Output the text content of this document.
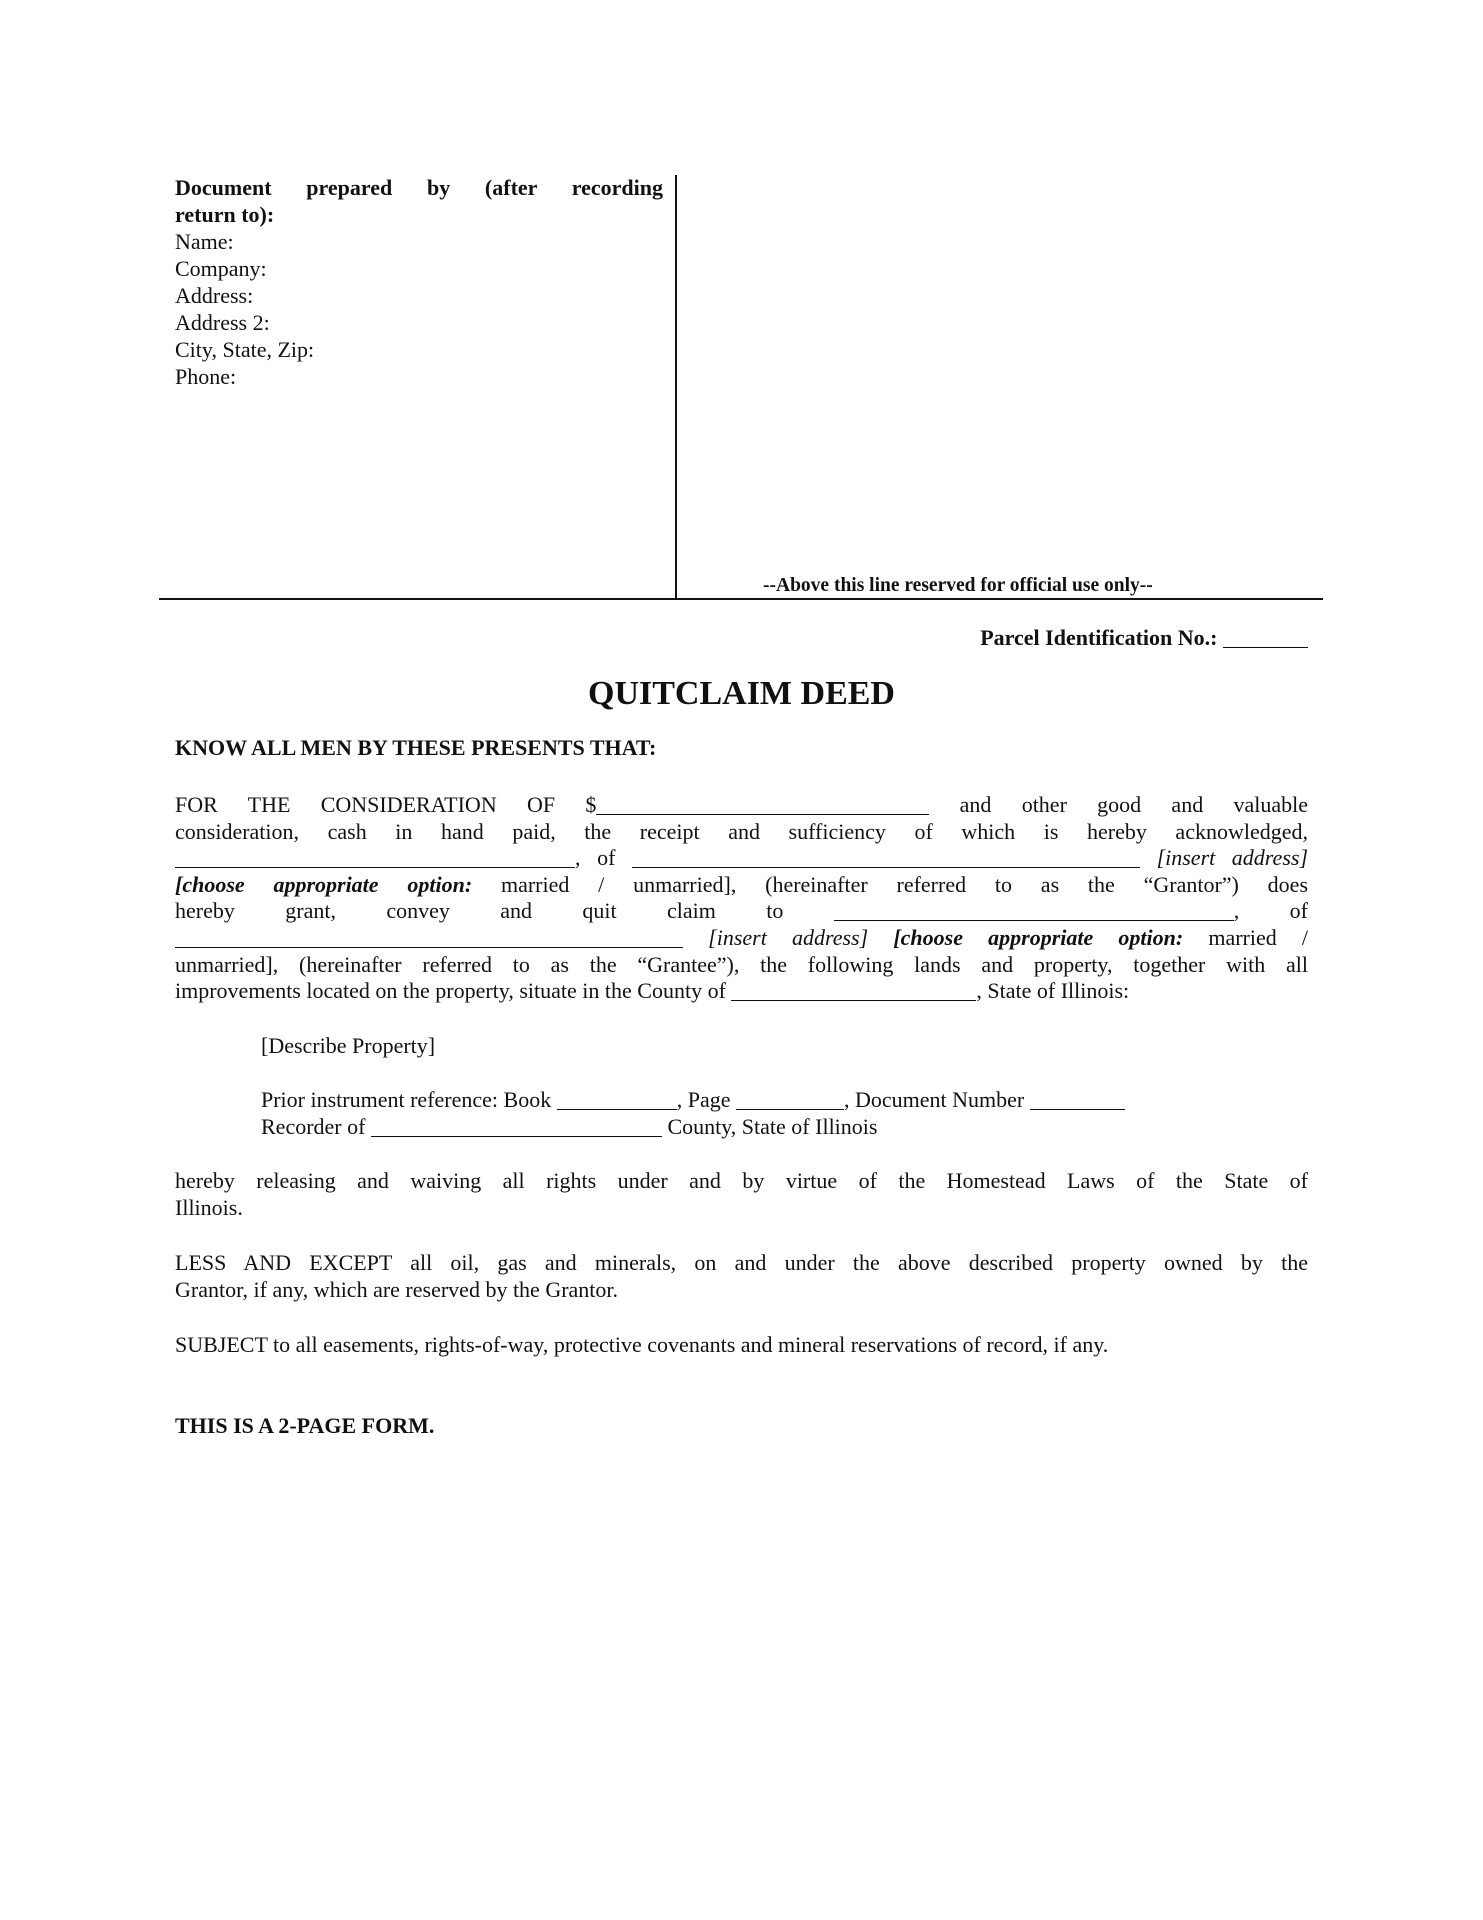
Document prepared by (after recording
return to):
Name:
Company:
Address:
Address 2:
City, State, Zip:
Phone:
--Above this line reserved for official use only--
Parcel Identification No.:
QUITCLAIM DEED
KNOW ALL MEN BY THESE PRESENTS THAT:
FOR THE CONSIDERATION OF $	and other good and valuable
consideration, cash in hand paid, the receipt and sufficiency of which is hereby acknowledged,
, of	[insert address]
[choose appropriate option: married / unmarried], (hereinafter referred to as the “Grantor”) does
hereby grant, convey and quit claim to	, of
[insert address] [choose appropriate option: married /
unmarried], (hereinafter referred to as the “Grantee”), the following lands and property, together with all
improvements located on the property, situate in the County of	, State of Illinois:
[Describe Property]
Prior instrument reference: Book	, Page	, Document Number
Recorder of	County, State of Illinois
hereby releasing and waiving all rights under and by virtue of the Homestead Laws of the State of
Illinois.
LESS AND EXCEPT all oil, gas and minerals, on and under the above described property owned by the
Grantor, if any, which are reserved by the Grantor.
SUBJECT to all easements, rights-of-way, protective covenants and mineral reservations of record, if any.
THIS IS A 2-PAGE FORM.
